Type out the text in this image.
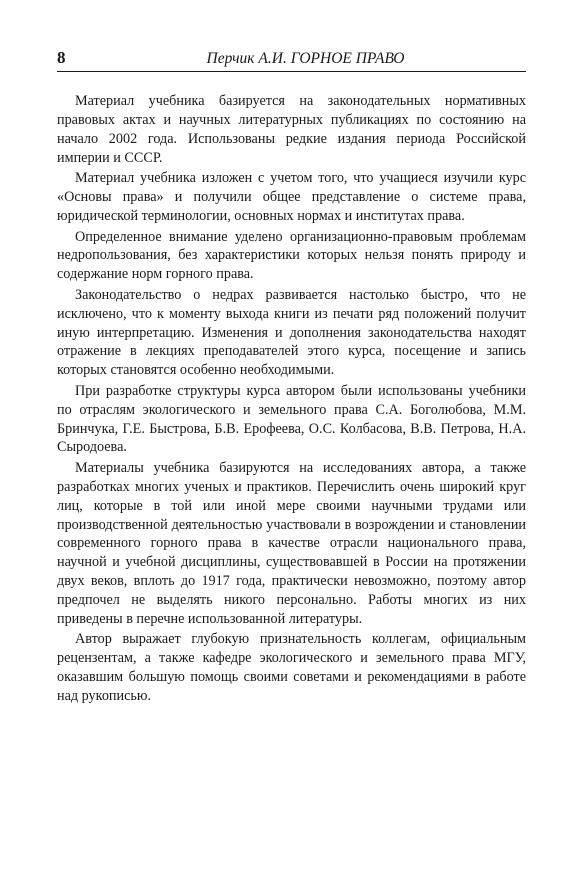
8	Перчик А.И. ГОРНОЕ ПРАВО

Материал учебника базируется на законодательных нормативных правовых актах и научных литературных публикациях по состоянию на начало 2002 года. Использованы редкие издания периода Российской империи и СССР.

Материал учебника изложен с учетом того, что учащиеся изучили курс «Основы права» и получили общее представление о системе права, юридической терминологии, основных нормах и институтах права.

Определенное внимание уделено организационно-правовым проблемам недропользования, без характеристики которых нельзя понять природу и содержание норм горного права.

Законодательство о недрах развивается настолько быстро, что не исключено, что к моменту выхода книги из печати ряд положений получит иную интерпретацию. Изменения и дополнения законодательства находят отражение в лекциях преподавателей этого курса, посещение и запись которых становятся особенно необходимыми.

При разработке структуры курса автором были использованы учебники по отраслям экологического и земельного права С.А. Боголюбова, М.М. Бринчука, Г.Е. Быстрова, Б.В. Ерофеева, О.С. Колбасова, В.В. Петрова, Н.А. Сыродоева.

Материалы учебника базируются на исследованиях автора, а также разработках многих ученых и практиков. Перечислить очень широкий круг лиц, которые в той или иной мере своими научными трудами или производственной деятельностью участвовали в возрождении и становлении современного горного права в качестве отрасли национального права, научной и учебной дисциплины, существовавшей в России на протяжении двух веков, вплоть до 1917 года, практически невозможно, поэтому автор предпочел не выделять никого персонально. Работы многих из них приведены в перечне использованной литературы.

Автор выражает глубокую признательность коллегам, официальным рецензентам, а также кафедре экологического и земельного права МГУ, оказавшим большую помощь своими советами и рекомендациями в работе над рукописью.
